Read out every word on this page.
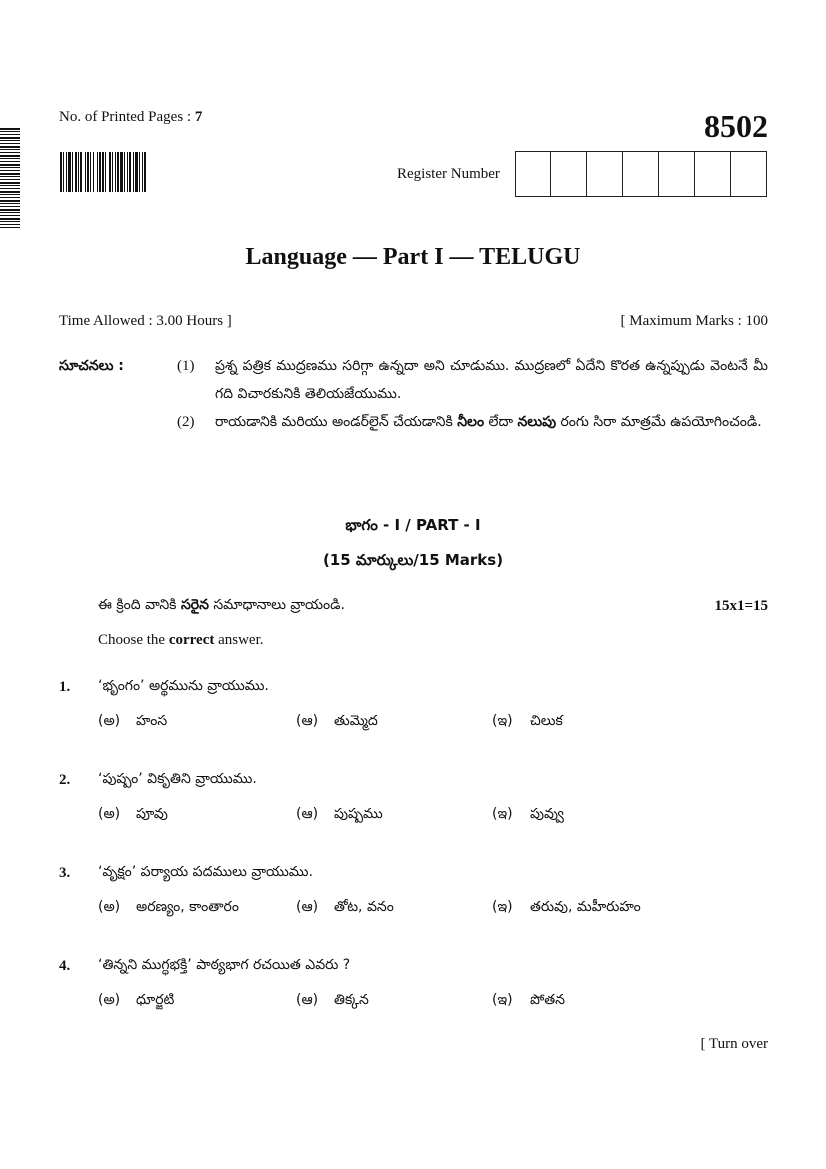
No. of Printed Pages : 7	8502
Register Number
Language — Part I — TELUGU
Time Allowed : 3.00 Hours ]	[ Maximum Marks : 100
సూచనలు :	(1) ప్రశ్న పత్రిక ముద్రణము సరిగ్గా ఉన్నదా అని చూడుము. ముద్రణలో ఏదేని కొరత ఉన్నప్పుడు వెంటనే మీ గది విచారకునికి తెలియజేయుము.
(2) రాయడానికి మరియు అండర్‌లైన్ చేయడానికి నీలం లేదా నలుపు రంగు సిరా మాత్రమే ఉపయోగించండి.
భాగం - I / PART - I
(15 మార్కులు/15 Marks)
ఈ క్రింది వానికి సరైన సమాధానాలు వ్రాయండి.	15x1=15
Choose the correct answer.
1. ‘భృంగం’ అర్థమును వ్రాయుము.
(అ) హంస	(ఆ) తుమ్మెద	(ఇ) చిలుక
2. ‘పుష్పం’ వికృతిని వ్రాయుము.
(అ) పూవు	(ఆ) పుష్పము	(ఇ) పువ్వు
3. ‘వృక్షం’ పర్యాయ పదములు వ్రాయుము.
(అ) అరణ్యం, కాంతారం	(ఆ) తోట, వనం	(ఇ) తరువు, మహీరుహం
4. ‘తిన్నని ముగ్ధభక్తి’ పాఠ్యభాగ రచయిత ఎవరు ?
(అ) ధూర్జటి	(ఆ) తిక్కన	(ఇ) పోతన
[ Turn over
